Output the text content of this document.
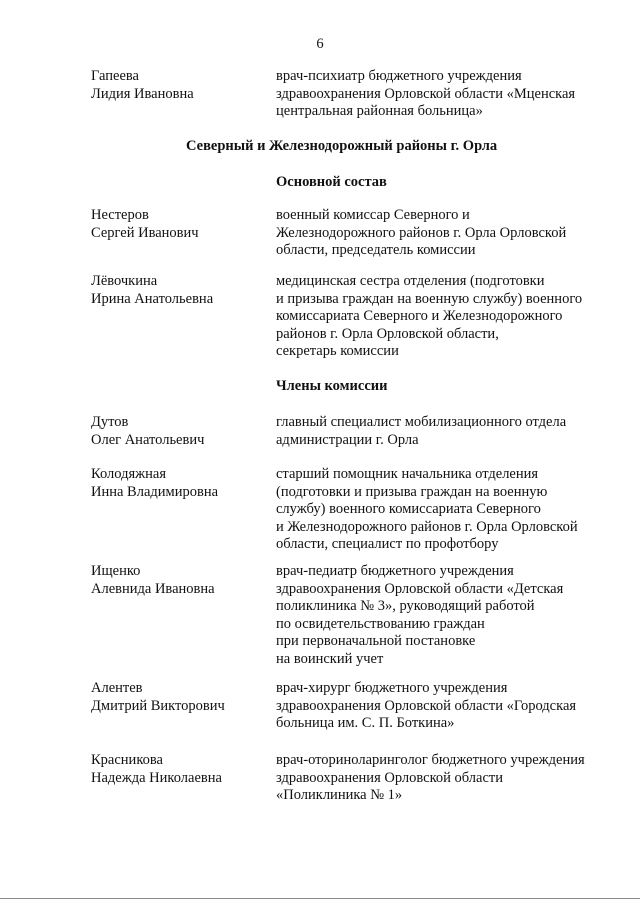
6
Гапеева
Лидия Ивановна
врач-психиатр бюджетного учреждения
здравоохранения Орловской области «Мценская
центральная районная больница»
Северный и Железнодорожный районы г. Орла
Основной состав
Нестеров
Сергей Иванович
военный комиссар Северного и
Железнодорожного районов г. Орла Орловской
области, председатель комиссии
Лёвочкина
Ирина Анатольевна
медицинская сестра отделения (подготовки
и призыва граждан на военную службу) военного
комиссариата Северного и Железнодорожного
районов г. Орла Орловской области,
секретарь комиссии
Члены комиссии
Дутов
Олег Анатольевич
главный специалист мобилизационного отдела
администрации г. Орла
Колодяжная
Инна Владимировна
старший помощник начальника отделения
(подготовки и призыва граждан на военную
службу) военного комиссариата Северного
и Железнодорожного районов г. Орла Орловской
области, специалист по профотбору
Ищенко
Алевнида Ивановна
врач-педиатр бюджетного учреждения
здравоохранения Орловской области «Детская
поликлиника № 3», руководящий работой
по освидетельствованию граждан
при первоначальной постановке
на воинский учет
Алентев
Дмитрий Викторович
врач-хирург бюджетного учреждения
здравоохранения Орловской области «Городская
больница им. С. П. Боткина»
Красникова
Надежда Николаевна
врач-оториноларинголог бюджетного учреждения
здравоохранения Орловской области
«Поликлиника № 1»
